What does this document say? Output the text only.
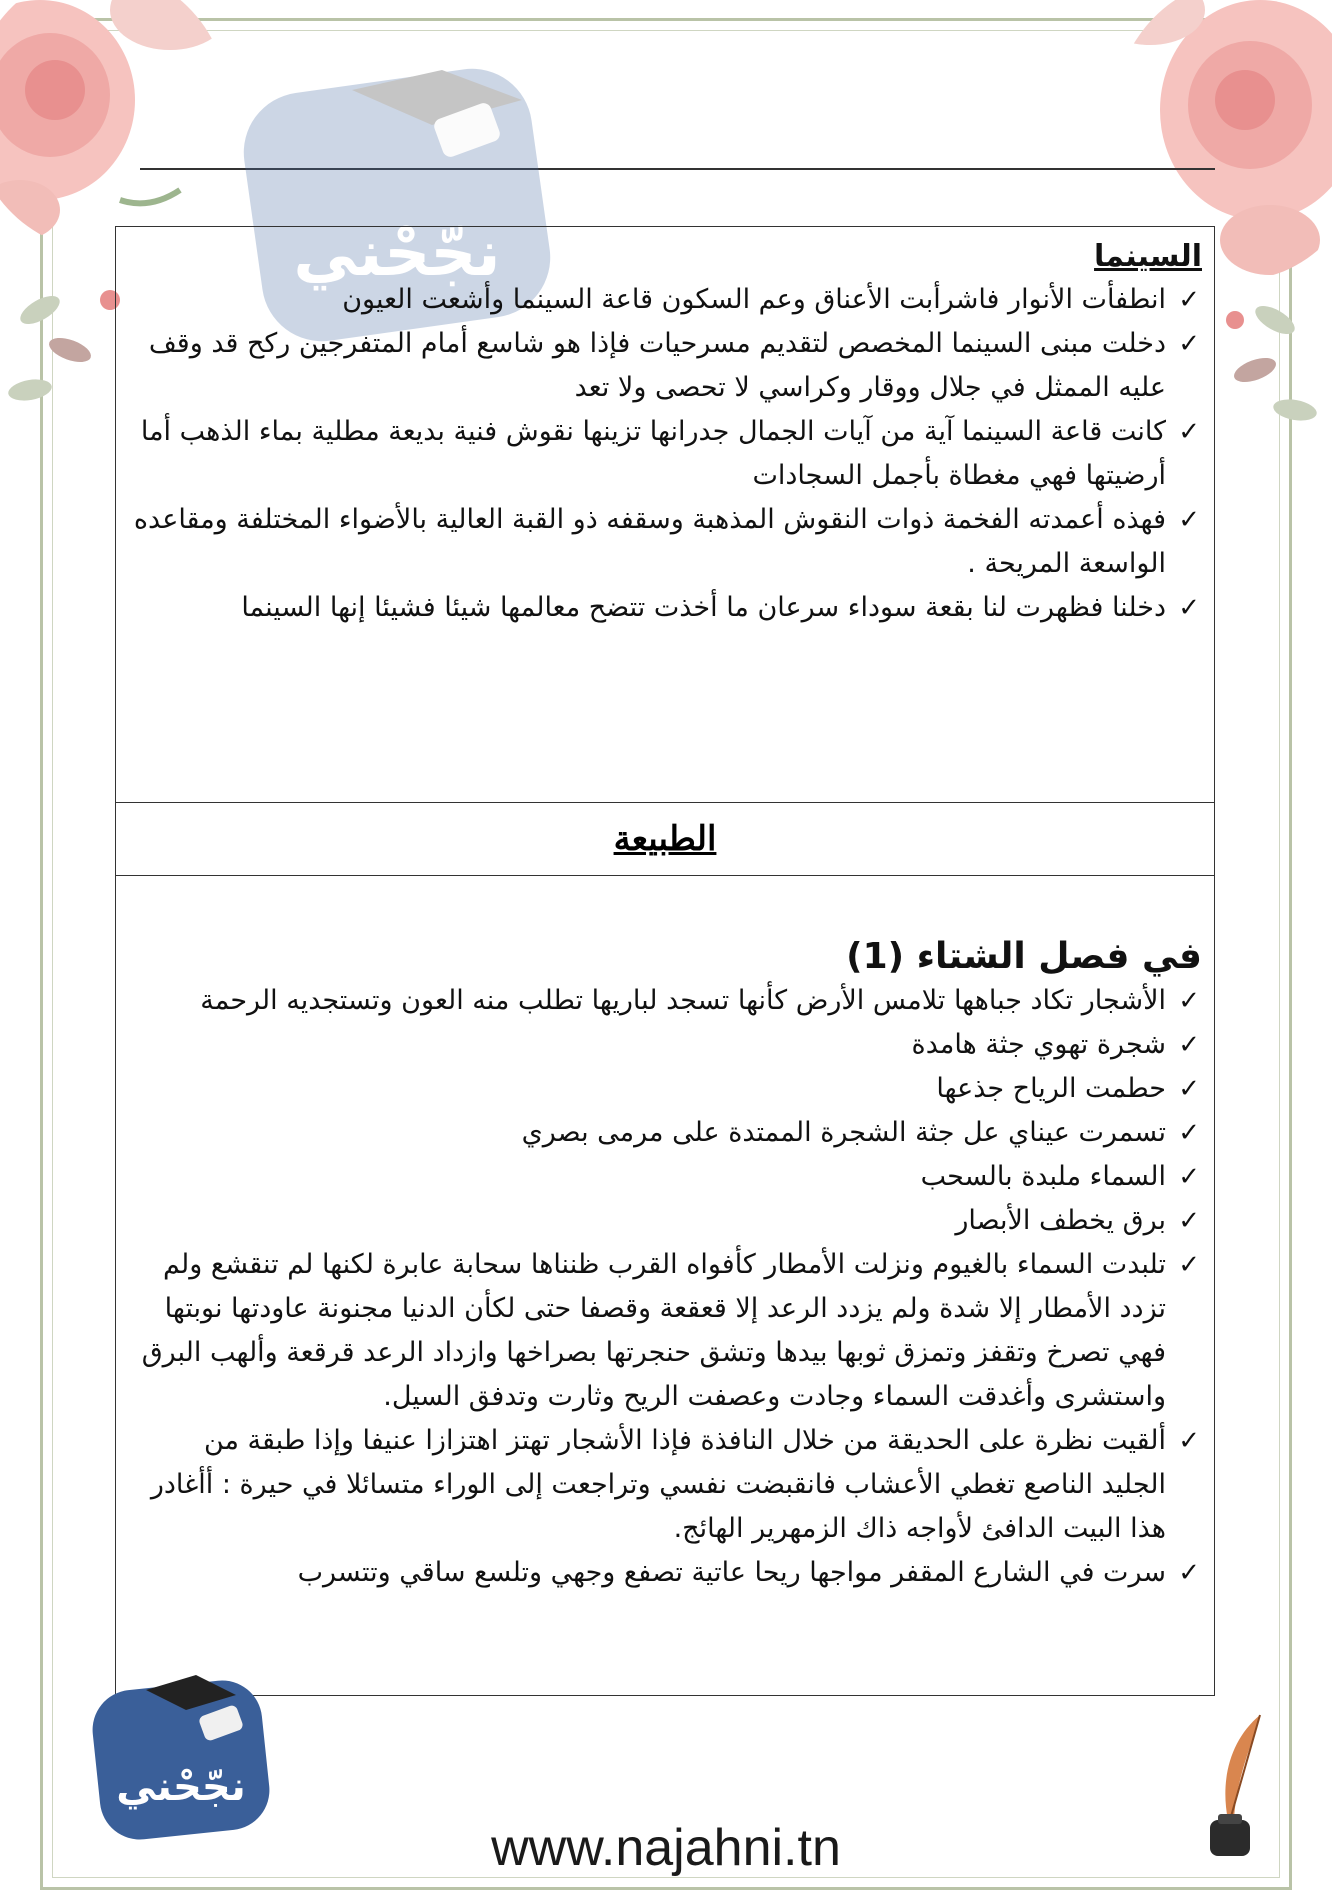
نجّحْني	السينما
✓
انطفأت الأنوار فاشرأبت الأعناق وعم السكون قاعة السينما وأشعت العيون
✓
دخلت مبنى السينما المخصص لتقديم مسرحيات فإذا هو شاسع أمام المتفرجين ركح قد وقف عليه الممثل في جلال ووقار وكراسي لا تحصى ولا تعد
✓
كانت قاعة السينما آية من آيات الجمال جدرانها تزينها نقوش فنية بديعة مطلية بماء الذهب أما أرضيتها فهي مغطاة بأجمل السجادات
✓
فهذه أعمدته الفخمة ذوات النقوش المذهبة وسقفه ذو القبة العالية بالأضواء المختلفة ومقاعده الواسعة المريحة .
✓
دخلنا فظهرت لنا بقعة سوداء سرعان ما أخذت تتضح معالمها شيئا فشيئا إنها السينما
الطبيعة
في فصل الشتاء (1)
✓
الأشجار تكاد جباهها تلامس الأرض كأنها تسجد لباريها تطلب منه العون وتستجديه الرحمة
✓
شجرة تهوي جثة هامدة
✓
حطمت الرياح جذعها
✓
تسمرت عيناي عل جثة الشجرة الممتدة على مرمى بصري
✓
السماء ملبدة بالسحب
✓
برق يخطف الأبصار
✓
تلبدت السماء بالغيوم ونزلت الأمطار كأفواه القرب ظنناها سحابة عابرة لكنها لم تنقشع ولم تزدد الأمطار إلا شدة ولم يزدد الرعد إلا قعقعة وقصفا حتى لكأن الدنيا مجنونة عاودتها نوبتها فهي تصرخ وتقفز وتمزق ثوبها بيدها وتشق حنجرتها بصراخها وازداد الرعد قرقعة وألهب البرق واستشرى وأغدقت السماء وجادت وعصفت الريح وثارت وتدفق السيل.
✓
ألقيت نظرة على الحديقة من خلال النافذة فإذا الأشجار تهتز اهتزازا عنيفا وإذا طبقة من الجليد الناصع تغطي الأعشاب فانقبضت نفسي وتراجعت إلى الوراء متسائلا في حيرة : أأغادر هذا البيت الدافئ لأواجه ذاك الزمهرير الهائج.
✓
سرت في الشارع المقفر مواجها ريحا عاتية تصفع وجهي وتلسع ساقي وتتسرب
نجّحْني
www.najahni.tn
